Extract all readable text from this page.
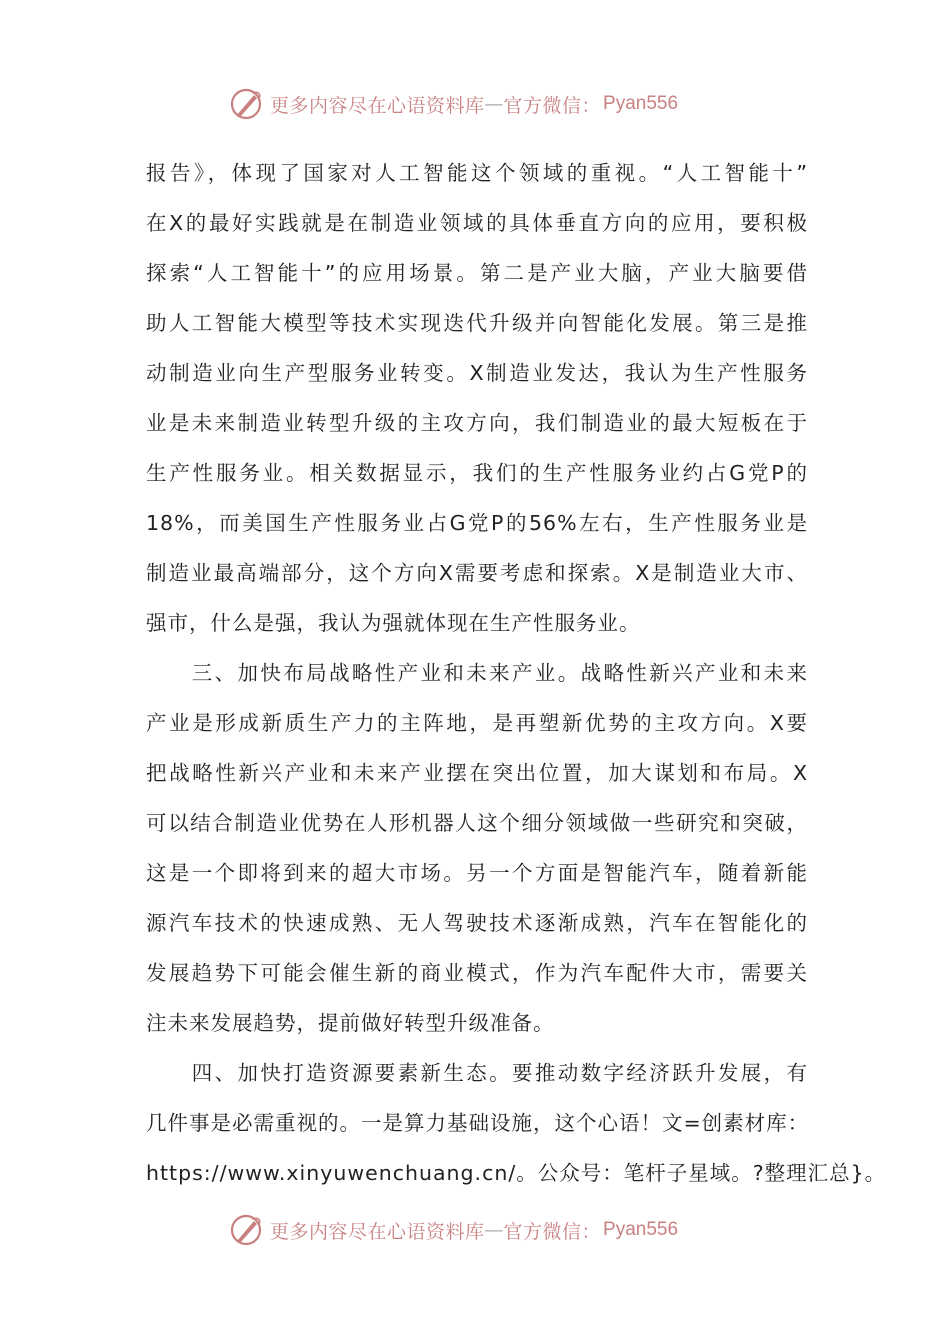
更多内容尽在心语资料库 — 官方微信： Pyan556
报告》，体现了国家对人工智能这个领域的重视。“人工智能十”
在X的最好实践就是在制造业领域的具体垂直方向的应用，要积极
探索“人工智能十”的应用场景。第二是产业大脑，产业大脑要借
助人工智能大模型等技术实现迭代升级并向智能化发展。第三是推
动制造业向生产型服务业转变。X制造业发达，我认为生产性服务
业是未来制造业转型升级的主攻方向，我们制造业的最大短板在于
生产性服务业。相关数据显示，我们的生产性服务业约占G党P的
18%，而美国生产性服务业占G党P的56%左右，生产性服务业是
制造业最高端部分，这个方向X需要考虑和探索。X是制造业大市、
强市，什么是强，我认为强就体现在生产性服务业。
　　三、加快布局战略性产业和未来产业。战略性新兴产业和未来
产业是形成新质生产力的主阵地，是再塑新优势的主攻方向。X要
把战略性新兴产业和未来产业摆在突出位置，加大谋划和布局。X
可以结合制造业优势在人形机器人这个细分领域做一些研究和突破，
这是一个即将到来的超大市场。另一个方面是智能汽车，随着新能
源汽车技术的快速成熟、无人驾驶技术逐渐成熟，汽车在智能化的
发展趋势下可能会催生新的商业模式，作为汽车配件大市，需要关
注未来发展趋势，提前做好转型升级准备。
　　四、加快打造资源要素新生态。要推动数字经济跃升发展，有
几件事是必需重视的。一是算力基础设施，这个心语！文=创素材库：
https://www.xinyuwenchuang.cn/。公众号：笔杆子星域。?整理汇总}。
更多内容尽在心语资料库 — 官方微信： Pyan556
